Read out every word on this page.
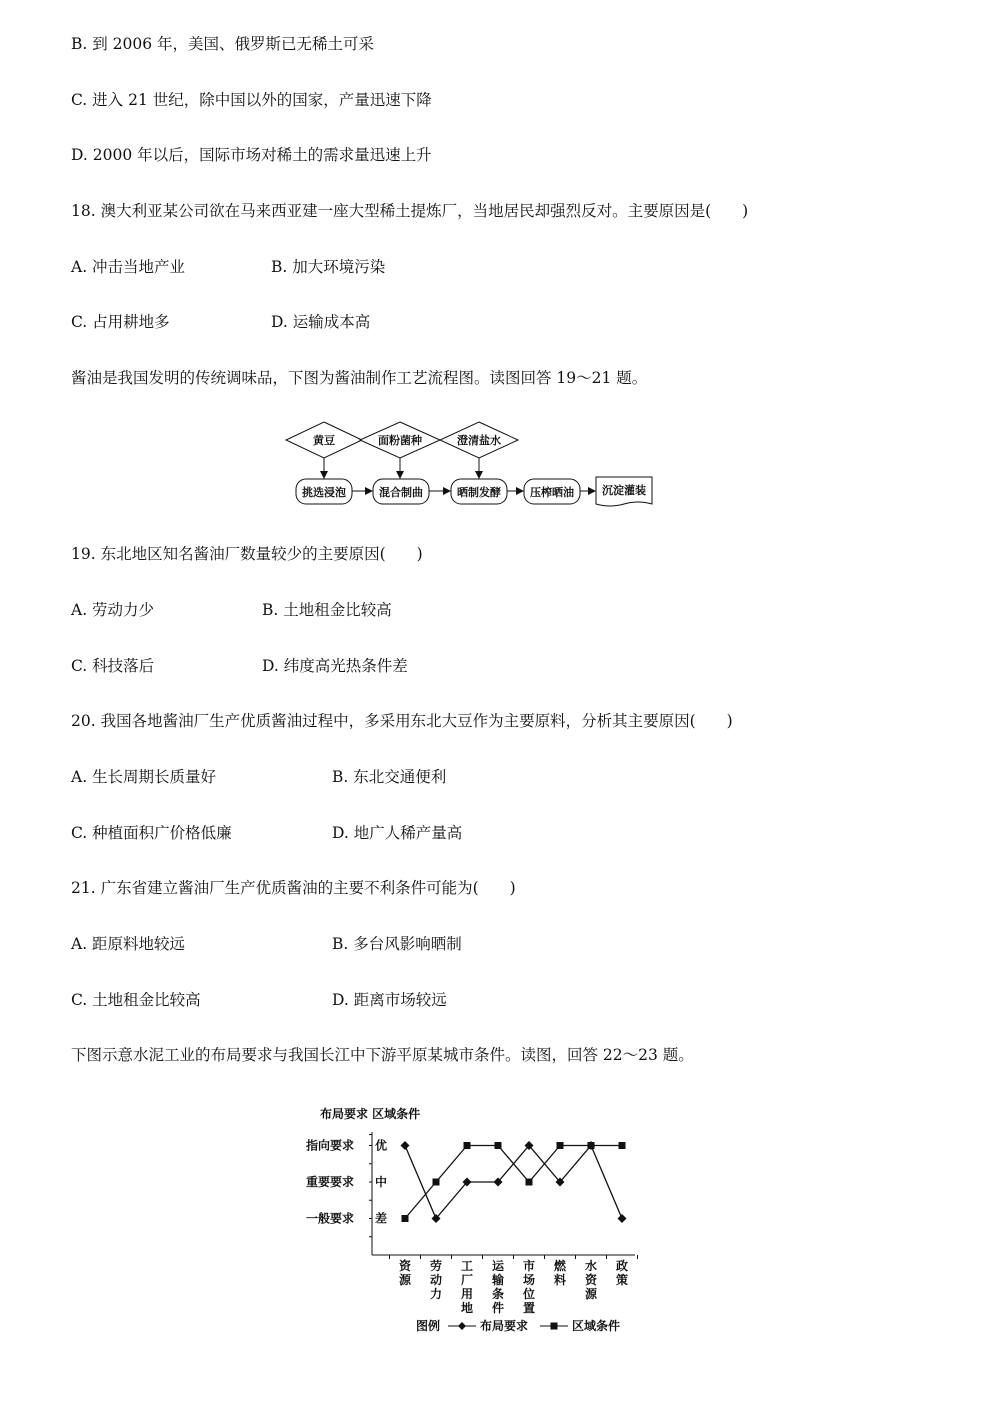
B. 到 2006 年，美国、俄罗斯已无稀土可采
C. 进入 21 世纪，除中国以外的国家，产量迅速下降
D. 2000 年以后，国际市场对稀土的需求量迅速上升
18. 澳大利亚某公司欲在马来西亚建一座大型稀土提炼厂，当地居民却强烈反对。主要原因是(　　)
A. 冲击当地产业	B. 加大环境污染
C. 占用耕地多	D. 运输成本高
酱油是我国发明的传统调味品，下图为酱油制作工艺流程图。读图回答 19～21 题。
黄豆	面粉菌种	澄清盐水
挑选浸泡	混合制曲	晒制发酵	压榨晒油	沉淀灌装
19. 东北地区知名酱油厂数量较少的主要原因(　　)
A. 劳动力少	B. 土地租金比较高
C. 科技落后	D. 纬度高光热条件差
20. 我国各地酱油厂生产优质酱油过程中，多采用东北大豆作为主要原料，分析其主要原因(　　)
A. 生长周期长质量好	B. 东北交通便利
C. 种植面积广价格低廉	D. 地广人稀产量高
21. 广东省建立酱油厂生产优质酱油的主要不利条件可能为(　　)
A. 距原料地较远	B. 多台风影响晒制
C. 土地租金比较高	D. 距离市场较远
下图示意水泥工业的布局要求与我国长江中下游平原某城市条件。读图，回答 22～23 题。
布局要求 区域条件
指向要求 优
重要要求 中
一般要求 差
资源
劳动力
工厂用地
运输条件
市场位置
燃料
水资源
政策
图例	布局要求	区域条件
